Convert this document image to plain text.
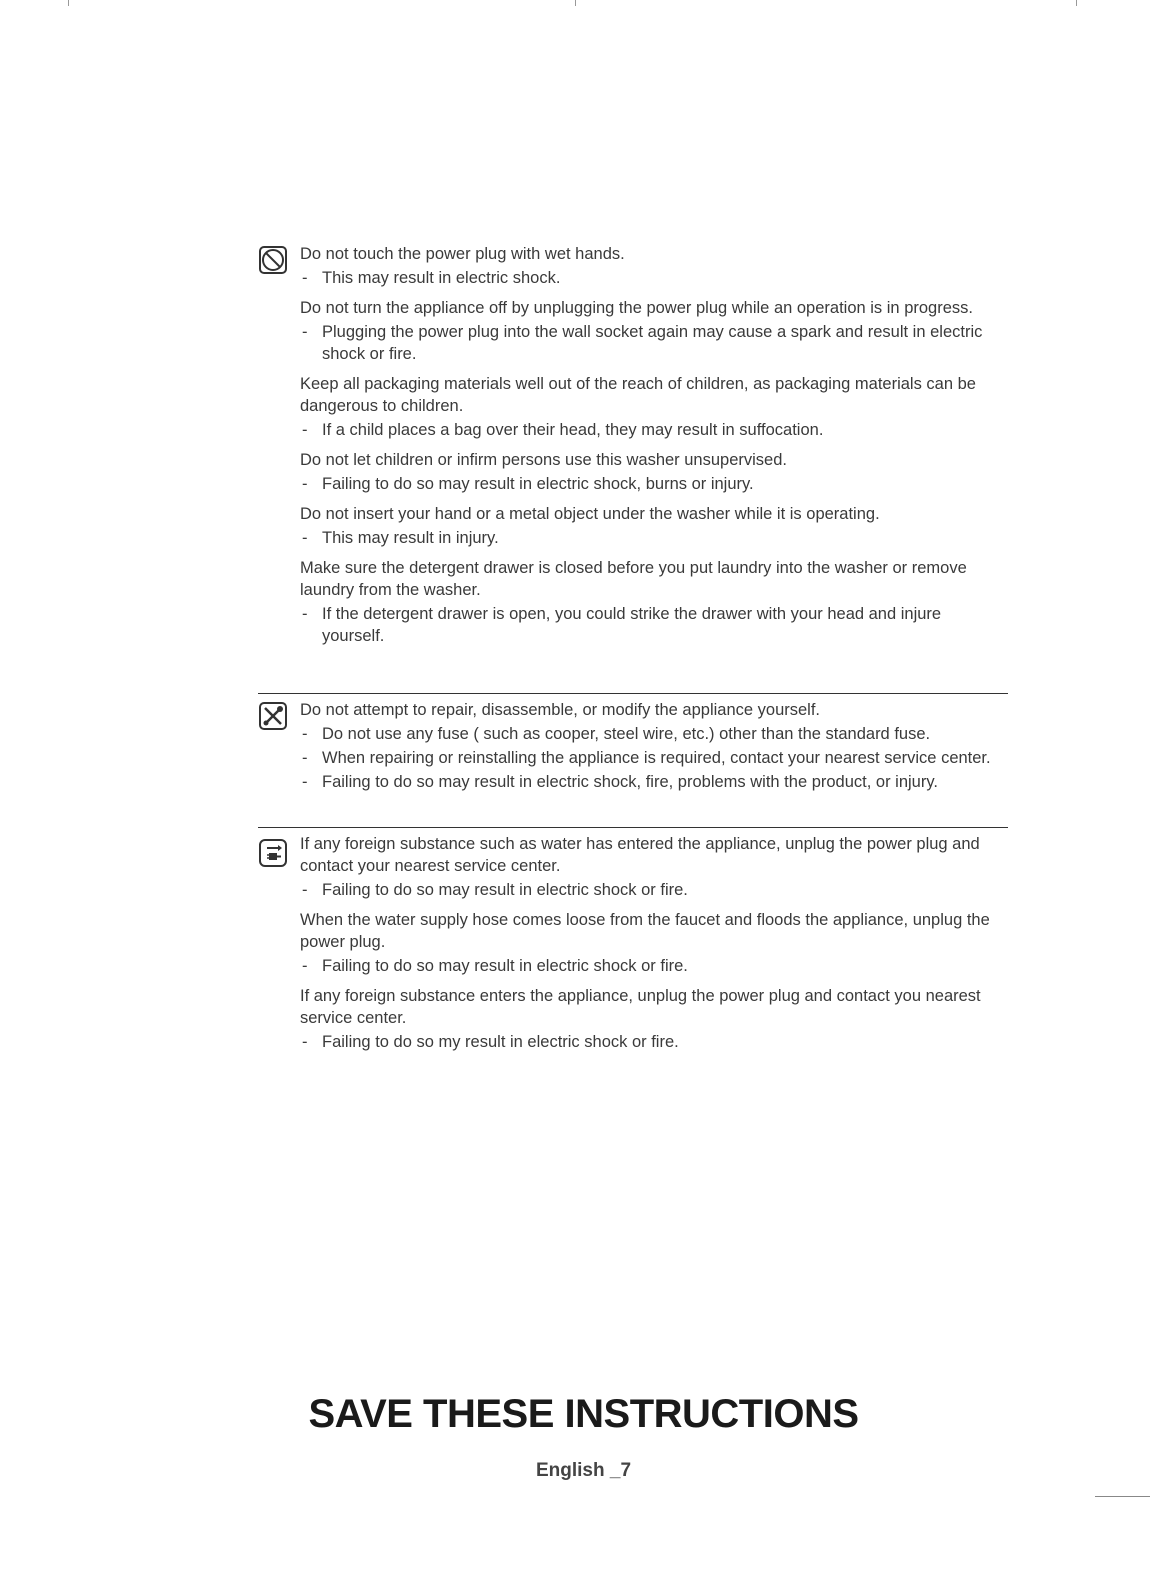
Do not touch the power plug with wet hands.

- This may result in electric shock.

Do not turn the appliance off by unplugging the power plug while an operation is in progress.

- Plugging the power plug into the wall socket again may cause a spark and result in electric shock or fire.

Keep all packaging materials well out of the reach of children, as packaging materials can be dangerous to children.

- If a child places a bag over their head, they may result in suffocation.

Do not let children or infirm persons use this washer unsupervised.

- Failing to do so may result in electric shock, burns or injury.

Do not insert your hand or a metal object under the washer while it is operating.

- This may result in injury.

Make sure the detergent drawer is closed before you put laundry into the washer or remove laundry from the washer.

- If the detergent drawer is open, you could strike the drawer with your head and injure yourself.

Do not attempt to repair, disassemble, or modify the appliance yourself.

- Do not use any fuse ( such as cooper, steel wire, etc.) other than the standard fuse.

- When repairing or reinstalling the appliance is required, contact your nearest service center.

- Failing to do so may result in electric shock, fire, problems with the product, or injury.

If any foreign substance such as water has entered the appliance, unplug the power plug and contact your nearest service center.

- Failing to do so may result in electric shock or fire.

When the water supply hose comes loose from the faucet and floods the appliance, unplug the power plug.

- Failing to do so may result in electric shock or fire.

If any foreign substance enters the appliance, unplug the power plug and contact you nearest service center.

- Failing to do so my result in electric shock or fire.

SAVE THESE INSTRUCTIONS
English _7
